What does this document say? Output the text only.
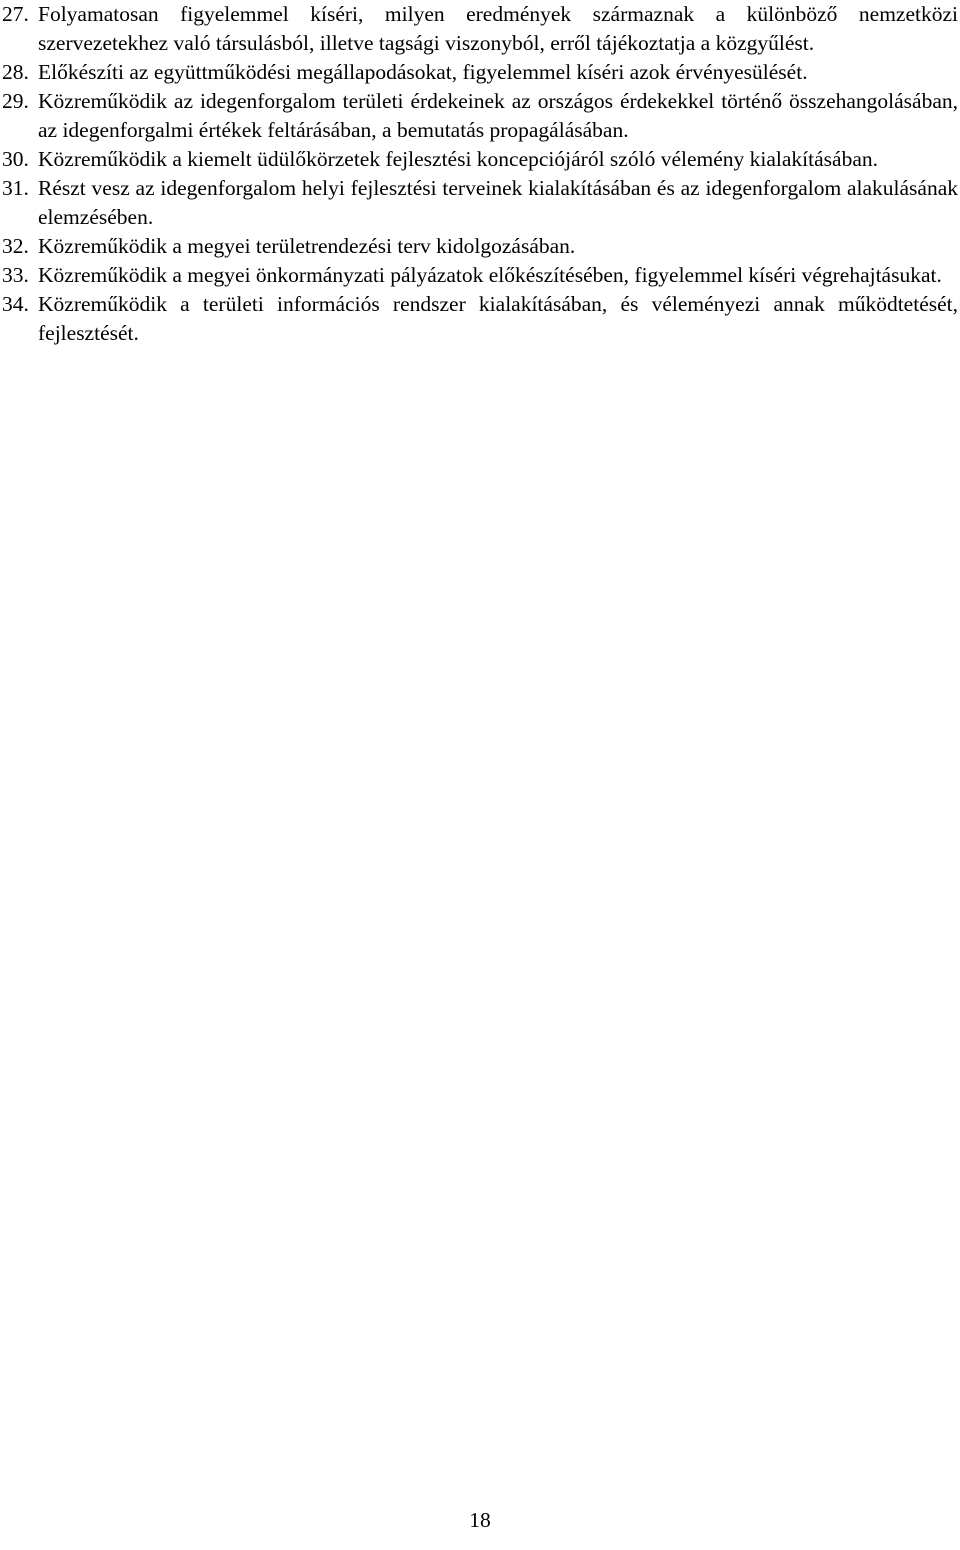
27. Folyamatosan figyelemmel kíséri, milyen eredmények származnak a különböző nemzetközi szervezetekhez való társulásból, illetve tagsági viszonyból, erről tájékoztatja a közgyűlést.
28. Előkészíti az együttműködési megállapodásokat, figyelemmel kíséri azok érvényesülését.
29. Közreműködik az idegenforgalom területi érdekeinek az országos érdekekkel történő összehangolásában, az idegenforgalmi értékek feltárásában, a bemutatás propagálásában.
30. Közreműködik a kiemelt üdülőkörzetek fejlesztési koncepciójáról szóló vélemény kialakításában.
31. Részt vesz az idegenforgalom helyi fejlesztési terveinek kialakításában és az idegenforgalom alakulásának elemzésében.
32. Közreműködik a megyei területrendezési terv kidolgozásában.
33. Közreműködik a megyei önkormányzati pályázatok előkészítésében, figyelemmel kíséri végrehajtásukat.
34. Közreműködik a területi információs rendszer kialakításában, és véleményezi annak működtetését, fejlesztését.
18
